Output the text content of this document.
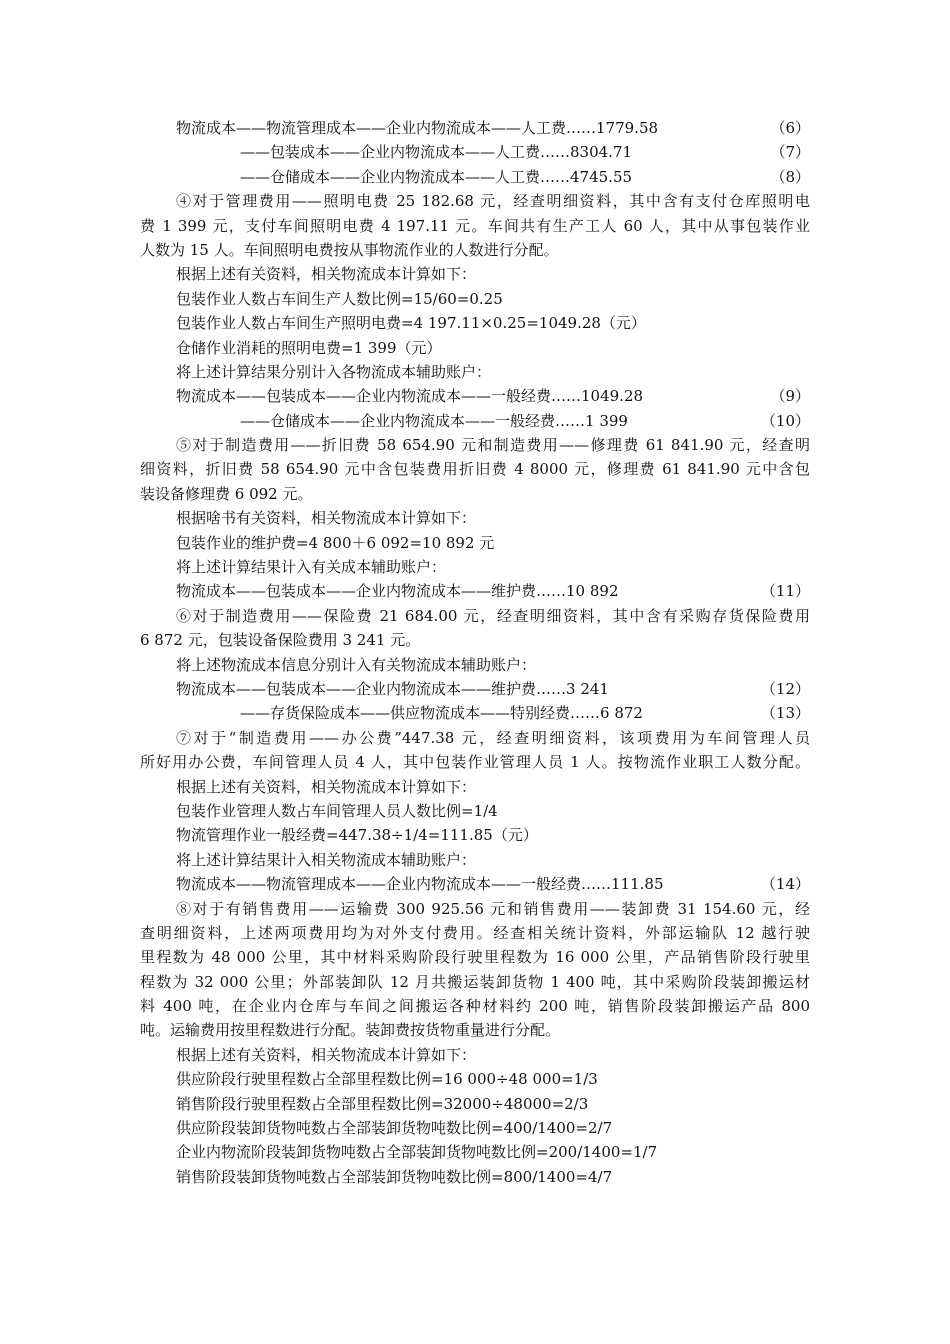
物流成本——物流管理成本——企业内物流成本——人工费……1779.58	（6）
——包装成本——企业内物流成本——人工费……8304.71	（7）
——仓储成本——企业内物流成本——人工费……4745.55	（8）
④对于管理费用——照明电费 25 182.68 元，经查明细资料，其中含有支付仓库照明电
费 1 399 元，支付车间照明电费 4 197.11 元。车间共有生产工人 60 人，其中从事包装作业
人数为 15 人。车间照明电费按从事物流作业的人数进行分配。
根据上述有关资料，相关物流成本计算如下：
包装作业人数占车间生产人数比例=15/60=0.25
包装作业人数占车间生产照明电费=4 197.11×0.25=1049.28（元）
仓储作业消耗的照明电费=1 399（元）
将上述计算结果分别计入各物流成本辅助账户：
物流成本——包装成本——企业内物流成本——一般经费……1049.28	（9）
——仓储成本——企业内物流成本——一般经费……1 399	（10）
⑤对于制造费用——折旧费 58 654.90 元和制造费用——修理费 61 841.90 元，经查明
细资料，折旧费 58 654.90 元中含包装费用折旧费 4 8000 元，修理费 61 841.90 元中含包
装设备修理费 6 092 元。
根据啥书有关资料，相关物流成本计算如下：
包装作业的维护费=4 800＋6 092=10 892 元
将上述计算结果计入有关成本辅助账户：
物流成本——包装成本——企业内物流成本——维护费……10 892	（11）
⑥对于制造费用——保险费 21 684.00 元，经查明细资料，其中含有采购存货保险费用
6 872 元，包装设备保险费用 3 241 元。
将上述物流成本信息分别计入有关物流成本辅助账户：
物流成本——包装成本——企业内物流成本——维护费……3 241	（12）
——存货保险成本——供应物流成本——特别经费……6 872	（13）
⑦对于“制造费用——办公费”447.38 元，经查明细资料，该项费用为车间管理人员
所好用办公费，车间管理人员 4 人，其中包装作业管理人员 1 人。按物流作业职工人数分配。
根据上述有关资料，相关物流成本计算如下：
包装作业管理人数占车间管理人员人数比例=1/4
物流管理作业一般经费=447.38÷1/4=111.85（元）
将上述计算结果计入相关物流成本辅助账户：
物流成本——物流管理成本——企业内物流成本——一般经费……111.85	（14）
⑧对于有销售费用——运输费 300 925.56 元和销售费用——装卸费 31 154.60 元，经
查明细资料，上述两项费用均为对外支付费用。经查相关统计资料，外部运输队 12 越行驶
里程数为 48 000 公里，其中材料采购阶段行驶里程数为 16 000 公里，产品销售阶段行驶里
程数为 32 000 公里；外部装卸队 12 月共搬运装卸货物 1 400 吨，其中采购阶段装卸搬运材
料 400 吨，在企业内仓库与车间之间搬运各种材料约 200 吨，销售阶段装卸搬运产品 800
吨。运输费用按里程数进行分配。装卸费按货物重量进行分配。
根据上述有关资料，相关物流成本计算如下：
供应阶段行驶里程数占全部里程数比例=16 000÷48 000=1/3
销售阶段行驶里程数占全部里程数比例=32000÷48000=2/3
供应阶段装卸货物吨数占全部装卸货物吨数比例=400/1400=2/7
企业内物流阶段装卸货物吨数占全部装卸货物吨数比例=200/1400=1/7
销售阶段装卸货物吨数占全部装卸货物吨数比例=800/1400=4/7
